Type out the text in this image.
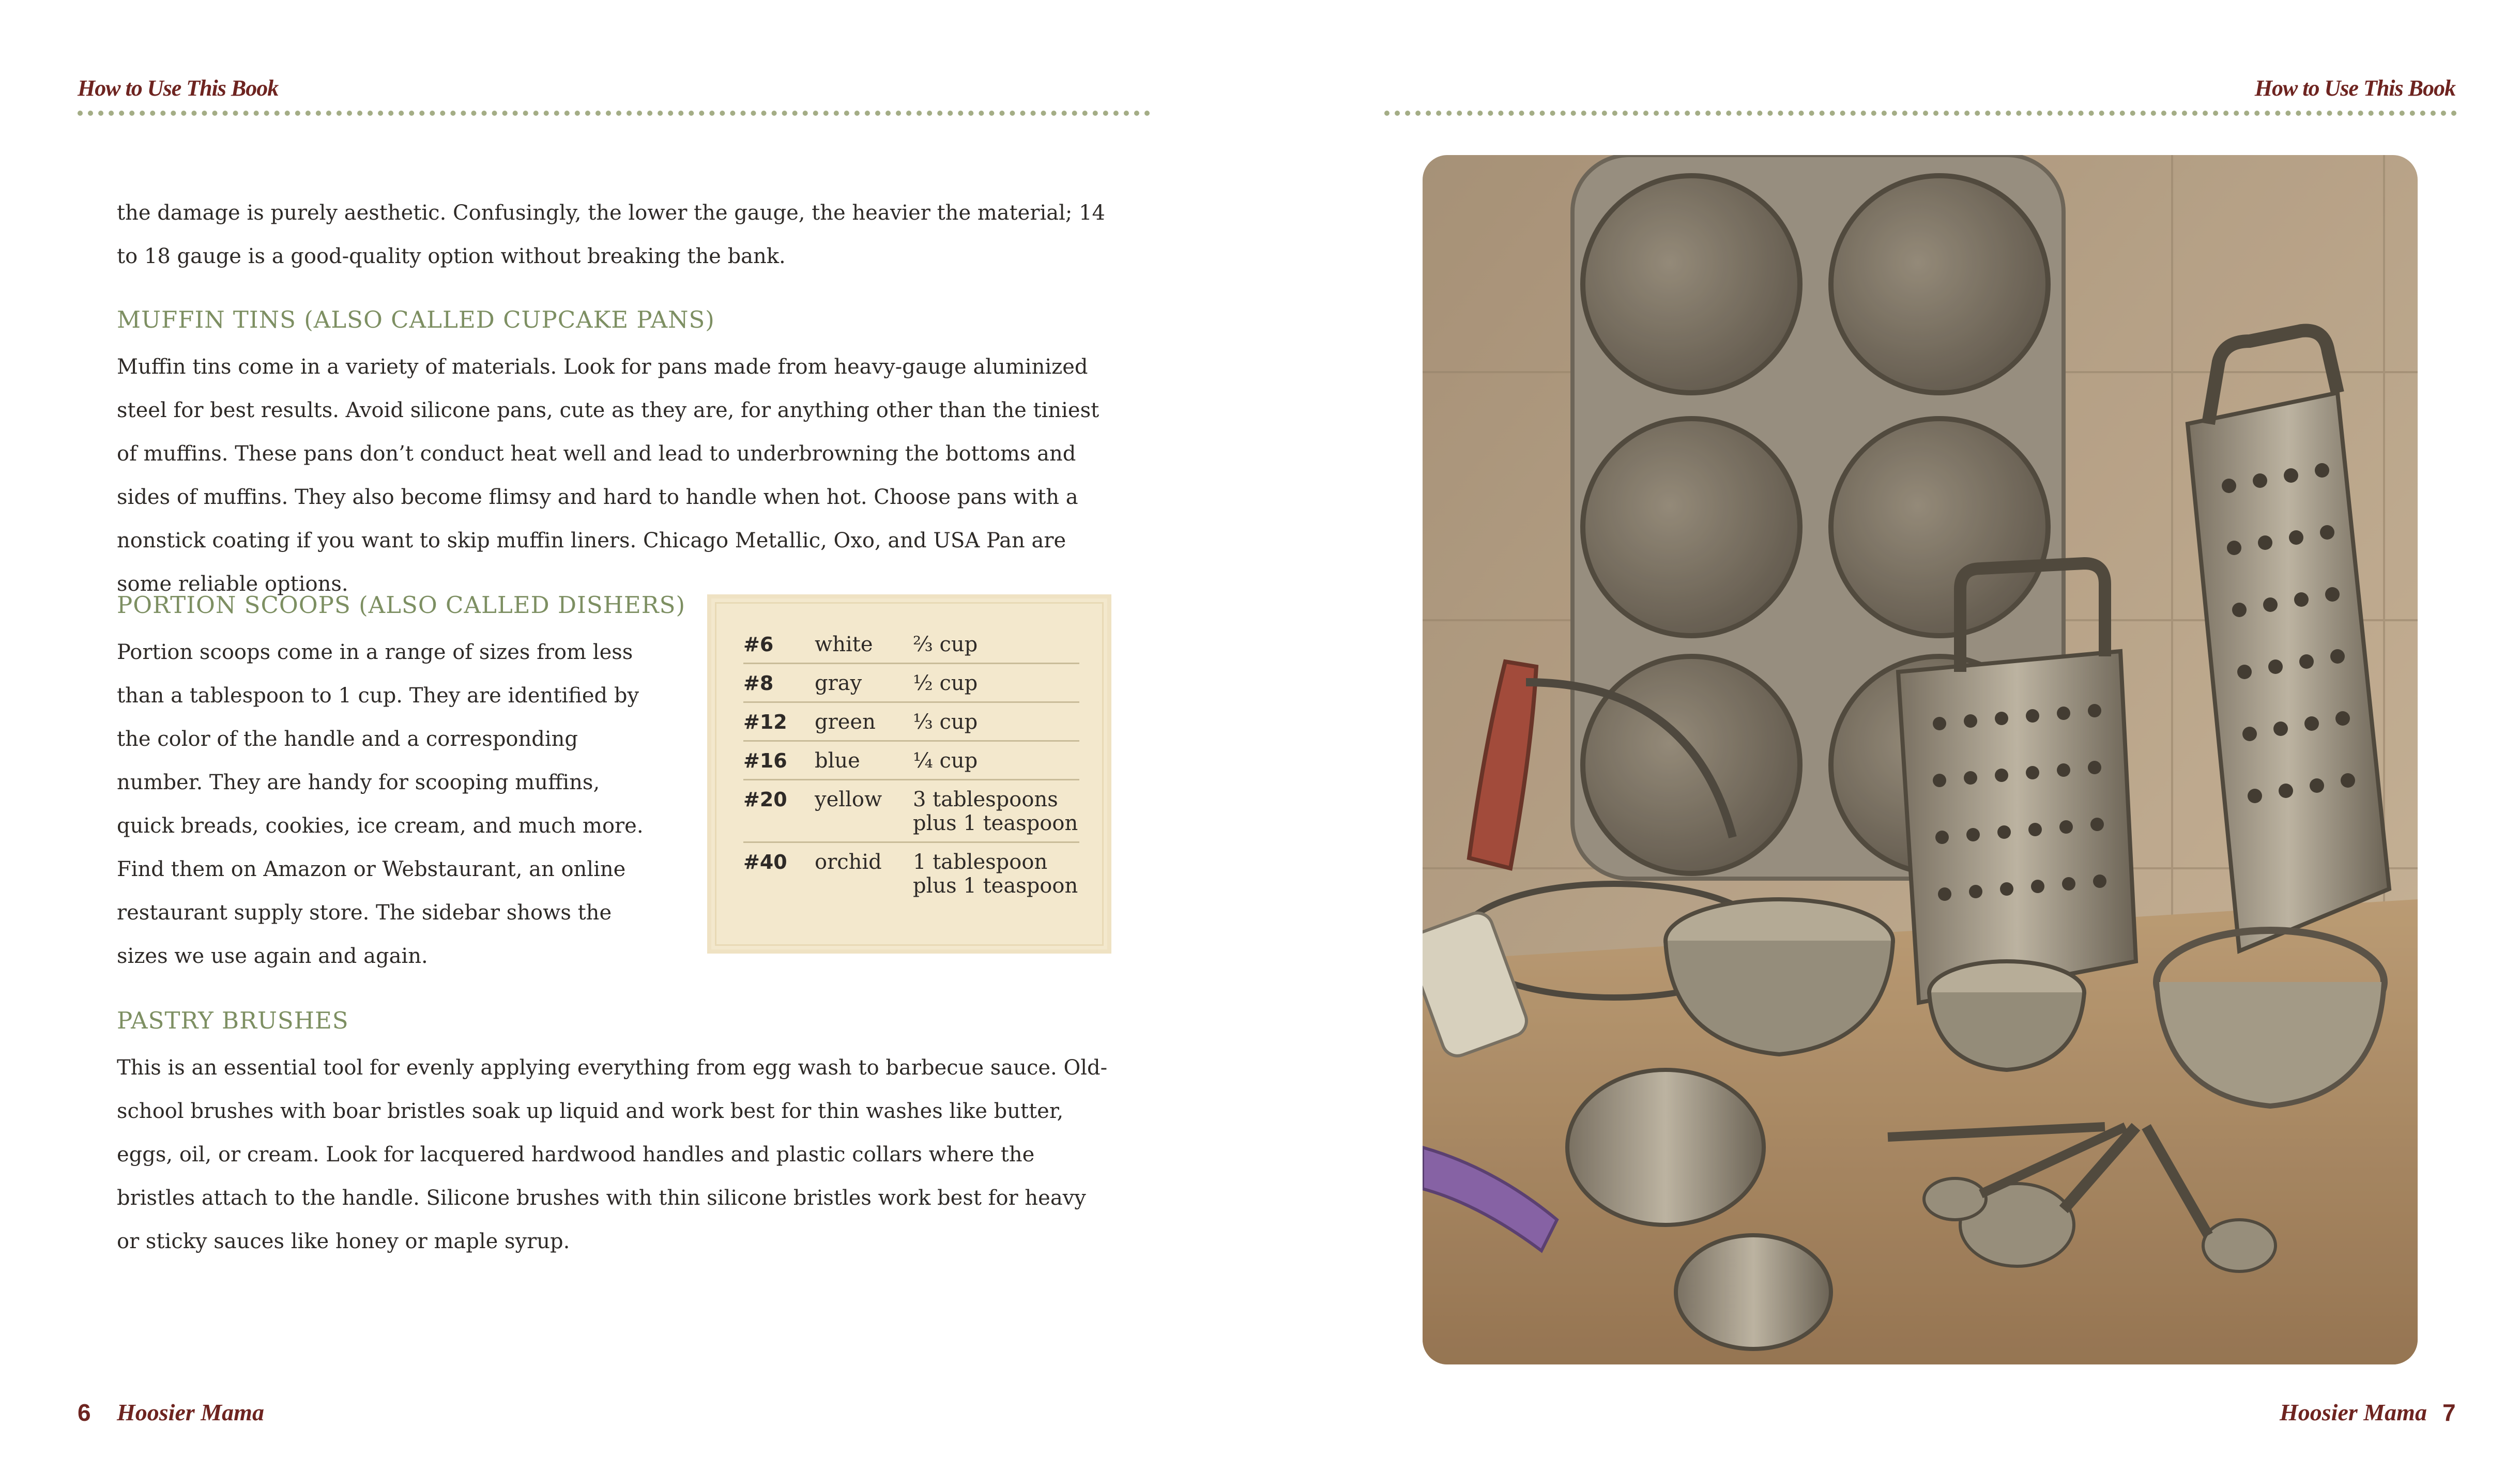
How to Use This Book

the damage is purely aesthetic. Confusingly, the lower the gauge, the heavier the material; 14 to 18 gauge is a good-quality option without breaking the bank.

MUFFIN TINS (ALSO CALLED CUPCAKE PANS)

Muffin tins come in a variety of materials. Look for pans made from heavy-gauge aluminized steel for best results. Avoid silicone pans, cute as they are, for anything other than the tiniest of muffins. These pans don’t conduct heat well and lead to underbrowning the bottoms and sides of muffins. They also become flimsy and hard to handle when hot. Choose pans with a nonstick coating if you want to skip muffin liners. Chicago Metallic, Oxo, and USA Pan are some reliable options.

PORTION SCOOPS (ALSO CALLED DISHERS)

Portion scoops come in a range of sizes from less than a tablespoon to 1 cup. They are identified by the color of the handle and a corresponding number. They are handy for scooping muffins, quick breads, cookies, ice cream, and much more. Find them on Amazon or Webstaurant, an online restaurant supply store. The sidebar shows the sizes we use again and again.

#6	white	⅔ cup
#8	gray	½ cup
#12	green	⅓ cup
#16	blue	¼ cup
#20	yellow	3 tablespoons
plus 1 teaspoon

#40	orchid	1 tablespoon
plus 1 teaspoon
PASTRY BRUSHES

This is an essential tool for evenly applying everything from egg wash to barbecue sauce. Old-school brushes with boar bristles soak up liquid and work best for thin washes like butter, eggs, oil, or cream. Look for lacquered hardwood handles and plastic collars where the bristles attach to the handle. Silicone brushes with thin silicone bristles work best for heavy or sticky sauces like honey or maple syrup.

6 Hoosier Mama
How to Use This Book
Hoosier Mama 7
